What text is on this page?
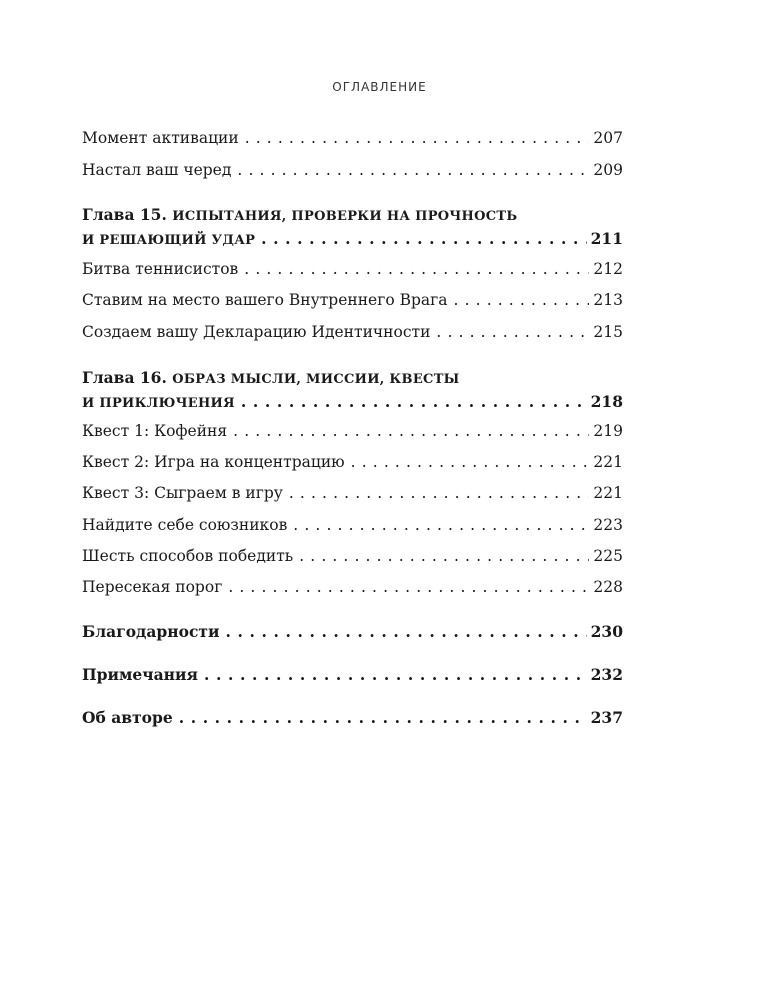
ОГЛАВЛЕНИЕ
Момент активации . . .	207
Настал ваш черед . . .	209
Глава 15. ИСПЫТАНИЯ, ПРОВЕРКИ НА ПРОЧНОСТЬ
И РЕШАЮЩИЙ УДАР . . .	211
Битва теннисистов . . .	212
Ставим на место вашего Внутреннего Врага . . .	213
Создаем вашу Декларацию Идентичности . . .	215
Глава 16. ОБРАЗ МЫСЛИ, МИССИИ, КВЕСТЫ
И ПРИКЛЮЧЕНИЯ . . .	218
Квест 1: Кофейня . . .	219
Квест 2: Игра на концентрацию . . .	221
Квест 3: Сыграем в игру . . .	221
Найдите себе союзников . . .	223
Шесть способов победить . . .	225
Пересекая порог . . .	228
Благодарности . . .	230
Примечания . . .	232
Об авторе . . .	237
